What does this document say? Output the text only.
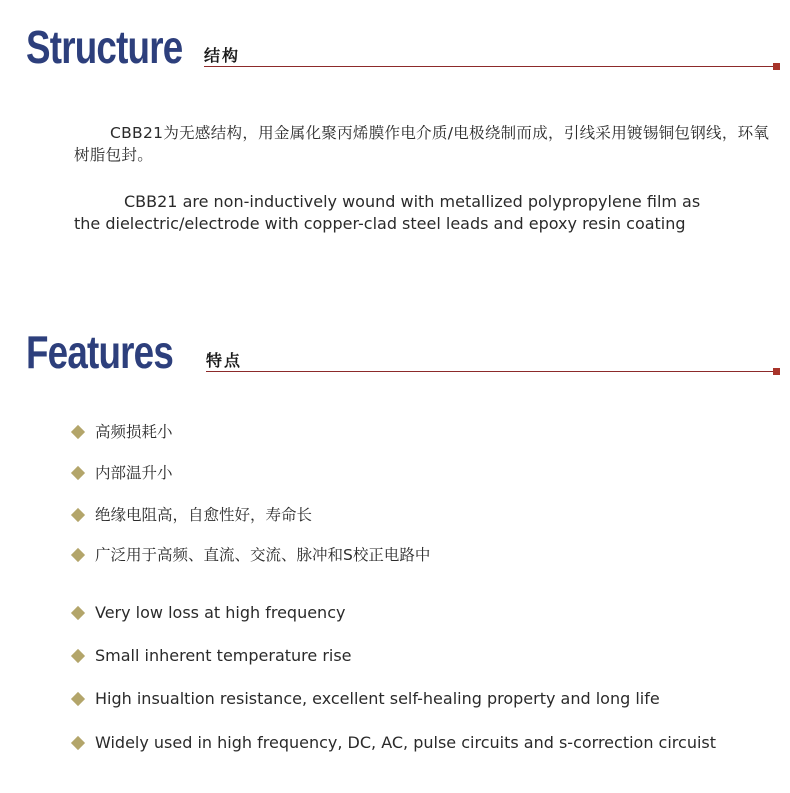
Structure 结构

CBB21为无感结构，用金属化聚丙烯膜作电介质/电极绕制而成，引线采用镀锡铜包钢线，环氧树脂包封。

CBB21 are non-inductively wound with metallized polypropylene film as
the dielectric/electrode with copper-clad steel leads and epoxy resin coating

Features 特点
高频损耗小
内部温升小
绝缘电阻高，自愈性好，寿命长
广泛用于高频、直流、交流、脉冲和S校正电路中
Very low loss at high frequency
Small inherent temperature rise
High insualtion resistance, excellent self-healing property and long life
Widely used in high frequency, DC, AC, pulse circuits and s-correction circuist
